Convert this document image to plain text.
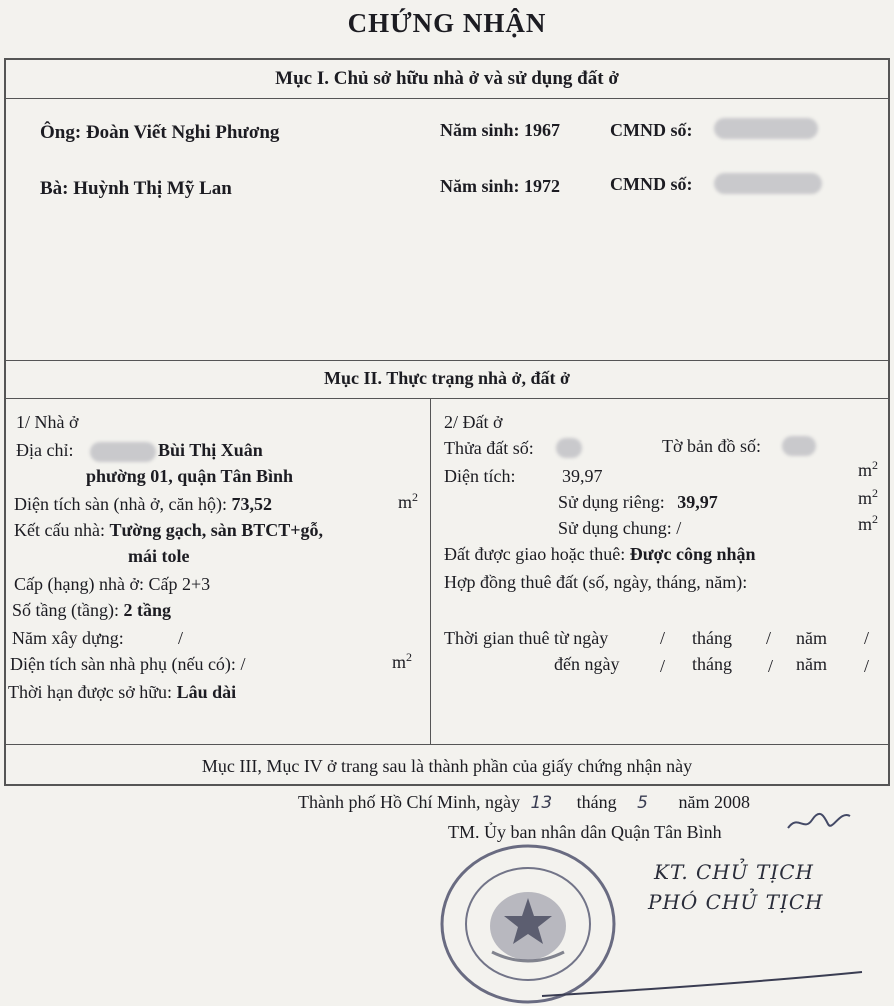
CHỨNG NHẬN
Mục I. Chủ sở hữu nhà ở và sử dụng đất ở
Ông: Đoàn Viết Nghi Phương	Năm sinh: 1967	CMND số:
Bà: Huỳnh Thị Mỹ Lan	Năm sinh: 1972	CMND số:
Mục II. Thực trạng nhà ở, đất ở
1/ Nhà ở
Địa chỉ:	Bùi Thị Xuân
phường 01, quận Tân Bình
Diện tích sàn (nhà ở, căn hộ): 73,52	$m^2$
Kết cấu nhà: Tường gạch, sàn BTCT+gỗ,
mái tole
Cấp (hạng) nhà ở: Cấp 2+3
Số tầng (tầng): 2 tầng
Năm xây dựng:	/
Diện tích sàn nhà phụ (nếu có): /	$m^2$
Thời hạn được sở hữu: Lâu dài
2/ Đất ở
Thửa đất số:	Tờ bản đồ số:
Diện tích:	39,97	$m^2$
Sử dụng riêng: 39,97	$m^2$
Sử dụng chung: /	$m^2$
Đất được giao hoặc thuê: Được công nhận
Hợp đồng thuê đất (số, ngày, tháng, năm):
Thời gian thuê từ ngày	/ tháng / năm /
đến ngày / tháng / năm /
Mục III, Mục IV ở trang sau là thành phần của giấy chứng nhận này
Thành phố Hồ Chí Minh, ngày 13 tháng 5 năm 2008
TM. Ủy ban nhân dân Quận Tân Bình
KT. CHỦ TỊCH
PHÓ CHỦ TỊCH
